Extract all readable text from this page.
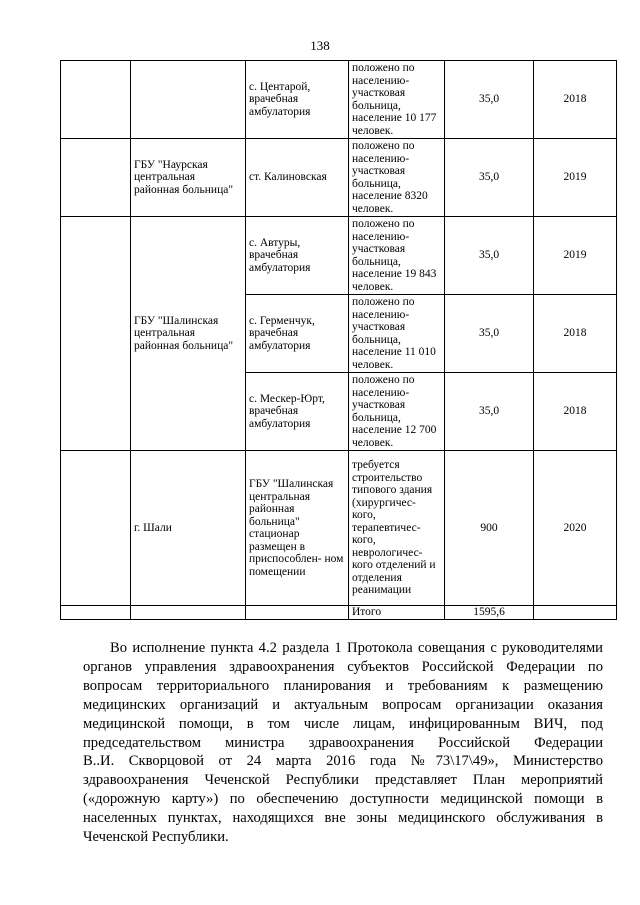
138
		с. Центарой, врачебная амбулатория	положено по населению- участковая больница, население 10 177 человек.	35,0	2018
	ГБУ "Наурская центральная районная больница"	ст. Калиновская	положено по населению- участковая больница, население 8320 человек.	35,0	2019
	ГБУ "Шалинская центральная районная больница"	с. Автуры, врачебная амбулатория	положено по населению- участковая больница, население 19 843 человек.	35,0	2019
		с. Герменчук, врачебная амбулатория	положено по населению- участковая больница, население 11 010 человек.	35,0	2018
		с. Мескер-Юрт, врачебная амбулатория	положено по населению- участковая больница, население 12 700 человек.	35,0	2018
	г. Шали	ГБУ "Шалинская центральная районная больница" стационар размещен в приспособлен- ном помещении	требуется строительство типового здания (хирургичес- кого, терапевтичес- кого, неврологичес- кого отделений и отделения реанимации	900	2020
			Итого	1595,6	
Во исполнение пункта 4.2 раздела 1 Протокола совещания с руководителями
органов управления здравоохранения субъектов Российской Федерации по
вопросам территориального планирования и требованиям к размещению
медицинских организаций и актуальным вопросам организации оказания
медицинской помощи, в том числе лицам, инфицированным ВИЧ, под
председательством министра здравоохранения Российской Федерации
В..И. Скворцовой от 24 марта 2016 года №73\17\49», Министерство
здравоохранения Чеченской Республики представляет План мероприятий
(«дорожную карту») по обеспечению доступности медицинской помощи в
населенных пунктах, находящихся вне зоны медицинского обслуживания в
Чеченской Республики.
